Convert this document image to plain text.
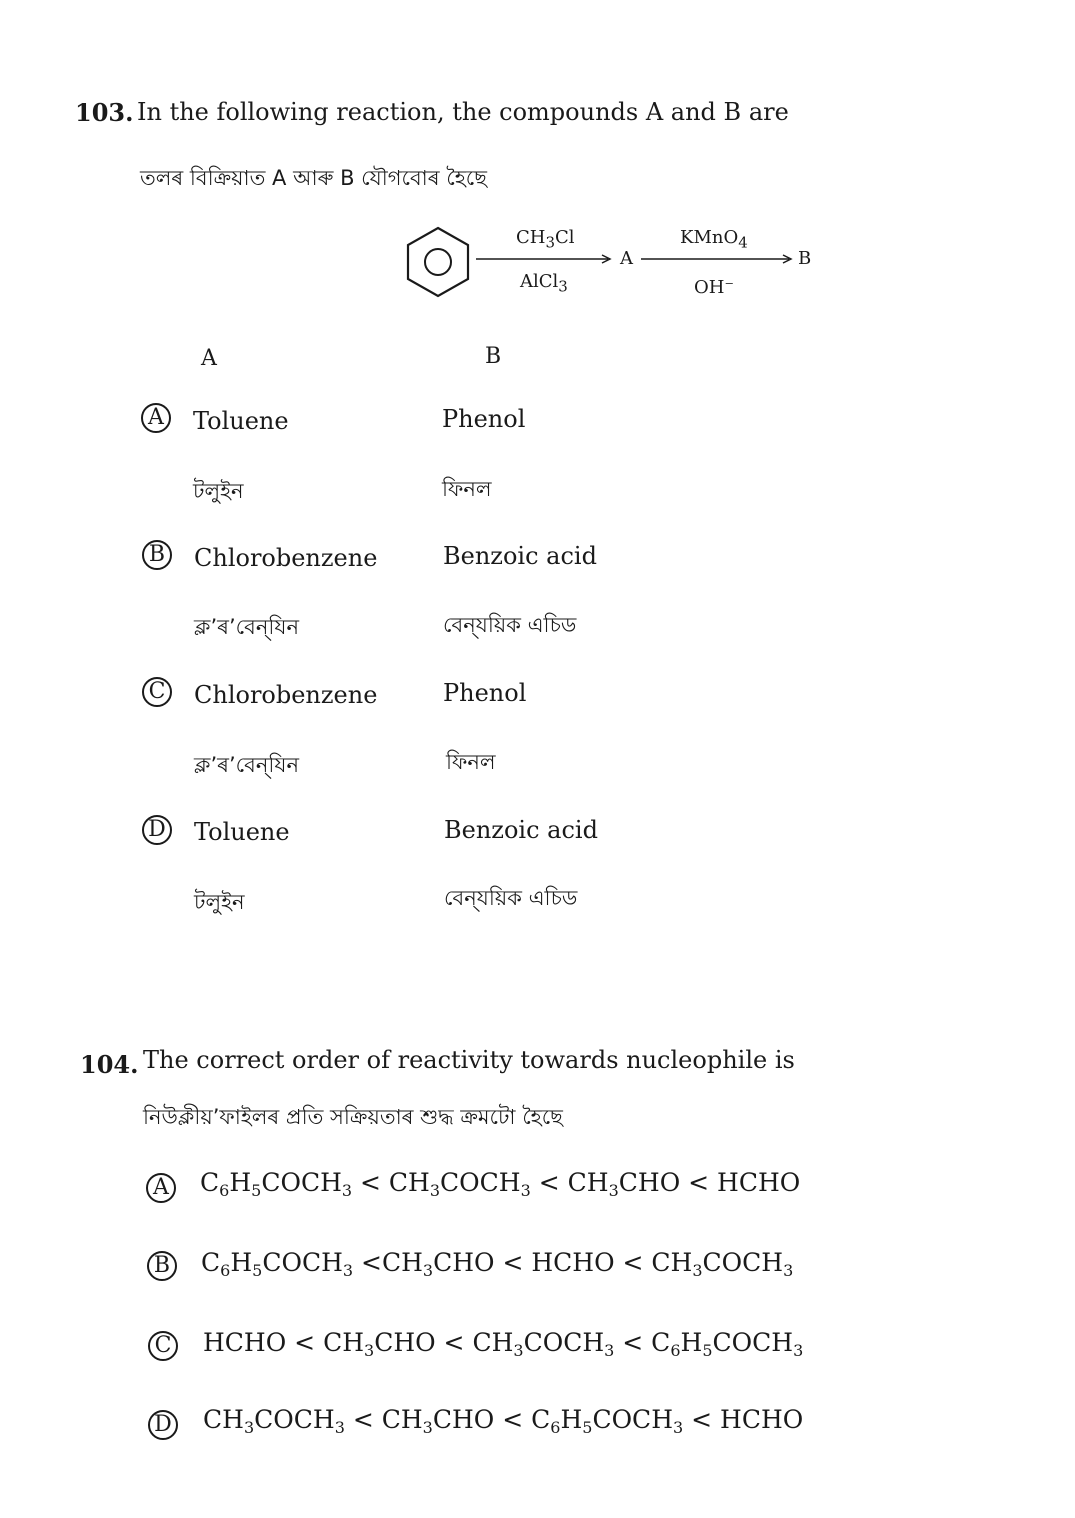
103. In the following reaction, the compounds A and B are
তলৰ বিক্ৰিয়াত A আৰু B যৌগবোৰ হৈছে
$CH_3Cl$
AlCl$_3$
A
KMnO$_4$
OH⁻
B
A	B
A Toluene	Phenol
টলুইন	ফিনল
B Chlorobenzene	Benzoic acid
ক্ল’ৰ’বেন্‌যিন	বেন্‌যয়িক এচিড
C Chlorobenzene	Phenol
ক্ল’ৰ’বেন্‌যিন	ফিনল
D Toluene	Benzoic acid
টলুইন	বেন্‌যয়িক এচিড
104. The correct order of reactivity towards nucleophile is
নিউক্লীয়’ফাইলৰ প্ৰতি সক্ৰিয়তাৰ শুদ্ধ ক্ৰমটো হৈছে
A $C_6H_5COCH_3$ < $CH_3COCH_3 < CH_3CHO$ < HCHO
B $C_6H_5COCH_3 <CH_3CHO$ < HCHO < $CH_3COCH_3$
C HCHO < $CH_3CHO$ < $CH_3COCH_3$ < $C_6H_5COCH_3$
D $CH_3COCH_3 < CH_3CHO$ < $C_6H_5COCH_3$ < HCHO
